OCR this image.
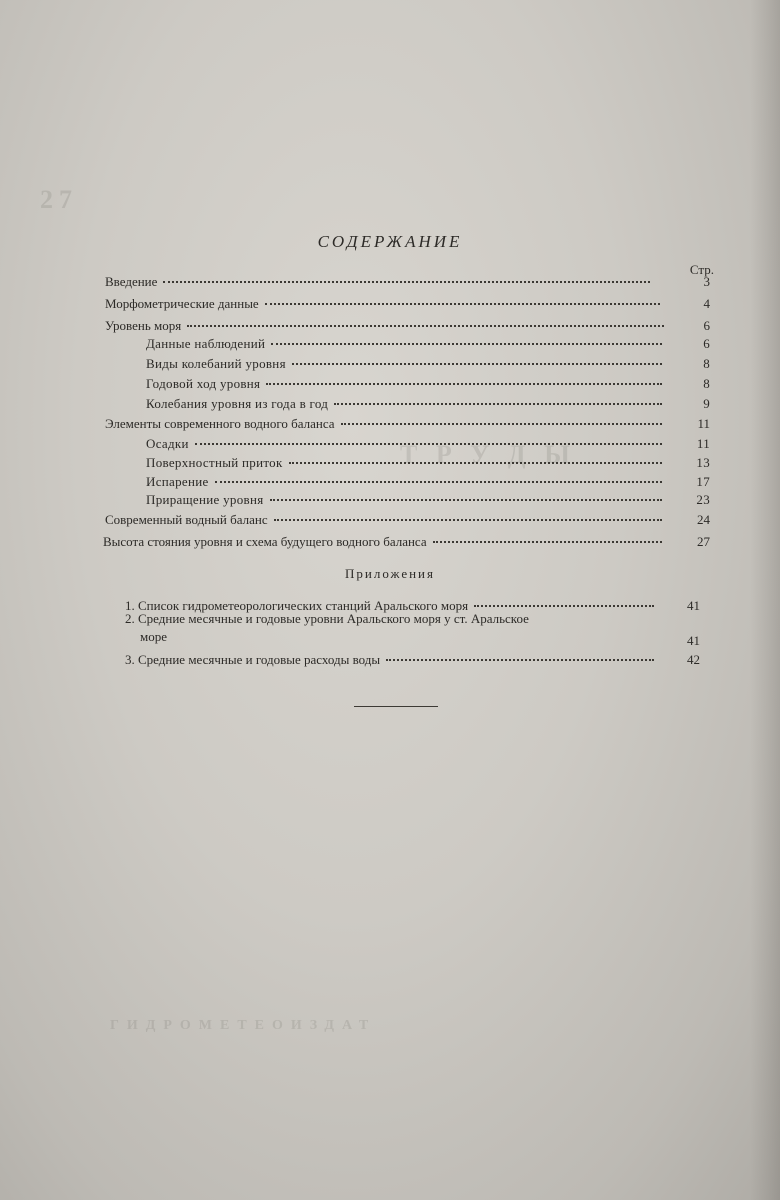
27
Т Р У Д Ы
ГИДРОМЕТЕОИЗДАТ
СОДЕРЖАНИЕ
Стр.
Введение	3
Морфометрические данные	4
Уровень моря	6
Данные наблюдений	6
Виды колебаний уровня	8
Годовой ход уровня	8
Колебания уровня из года в год	9
Элементы современного водного баланса	11
Осадки	11
Поверхностный приток	13
Испарение	17
Приращение уровня	23
Современный водный баланс	24
Высота стояния уровня и схема будущего водного баланса	27
Приложения
1. Список гидрометеорологических станций Аральского моря	41
2. Средние месячные и годовые уровни Аральского моря у ст. Аральское
море	41
3. Средние месячные и годовые расходы воды	42
